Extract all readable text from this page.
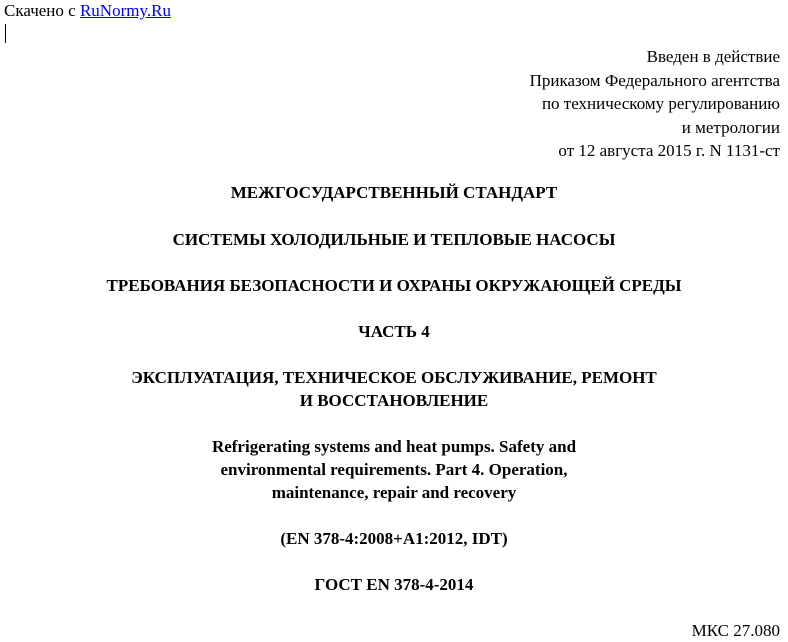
Скачено с RuNormy.Ru
Введен в действие
Приказом Федерального агентства
по техническому регулированию
и метрологии
от 12 августа 2015 г. N 1131-ст
МЕЖГОСУДАРСТВЕННЫЙ СТАНДАРТ
СИСТЕМЫ ХОЛОДИЛЬНЫЕ И ТЕПЛОВЫЕ НАСОСЫ
ТРЕБОВАНИЯ БЕЗОПАСНОСТИ И ОХРАНЫ ОКРУЖАЮЩЕЙ СРЕДЫ
ЧАСТЬ 4
ЭКСПЛУАТАЦИЯ, ТЕХНИЧЕСКОЕ ОБСЛУЖИВАНИЕ, РЕМОНТ
И ВОССТАНОВЛЕНИЕ
Refrigerating systems and heat pumps. Safety and
environmental requirements. Part 4. Operation,
maintenance, repair and recovery
(EN 378-4:2008+A1:2012, IDT)
ГОСТ EN 378-4-2014
МКС 27.080
